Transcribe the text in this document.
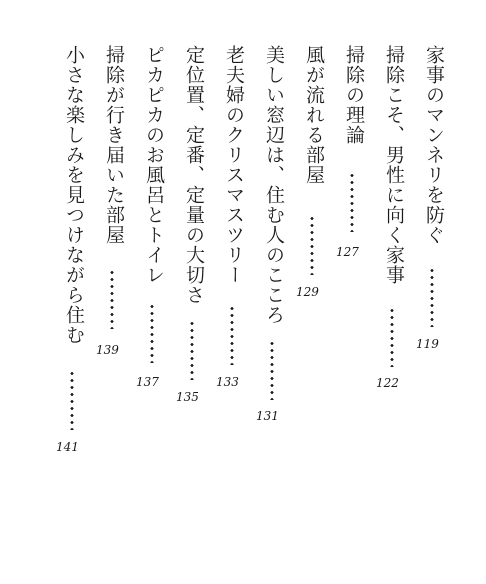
家事のマンネリを防ぐ
119
掃除こそ、男性に向く家事
122
掃除の理論
127
風が流れる部屋
129
美しい窓辺は、住む人のこころ
131
老夫婦のクリスマスツリー
133
定位置、定番、定量の大切さ
135
ピカピカのお風呂とトイレ
137
掃除が行き届いた部屋
139
小さな楽しみを見つけながら住む
141
